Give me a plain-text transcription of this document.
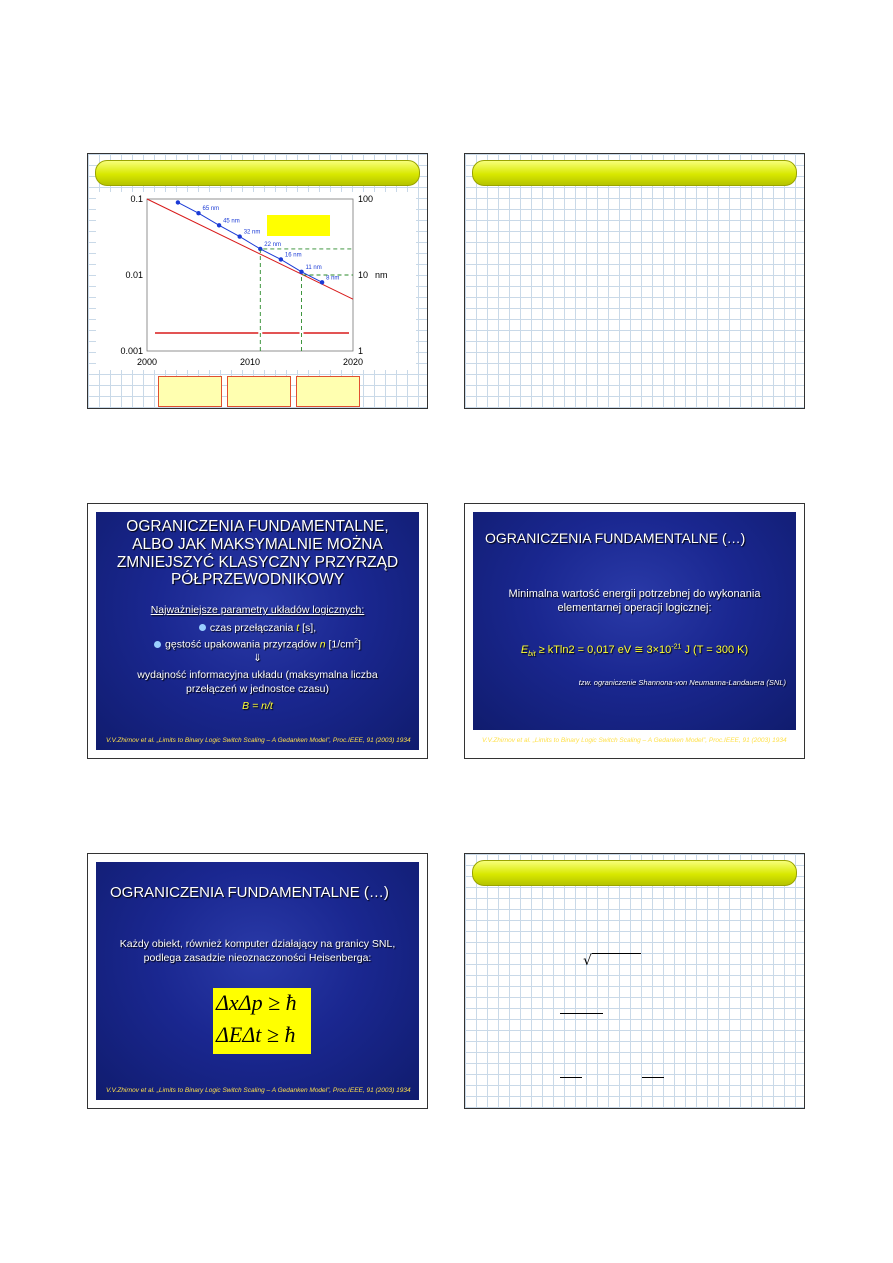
2000	2010	2020
0.1
0.01
0.001
100
10
1
nm
65 nm
45 nm
32 nm
22 nm
16 nm
11 nm
8 nm
OGRANICZENIA FUNDAMENTALNE,
ALBO JAK MAKSYMALNIE MOŻNA
ZMNIEJSZYĆ KLASYCZNY PRZYRZĄD
PÓŁPRZEWODNIKOWY
Najważniejsze parametry układów logicznych:
czas przełączania t [s],
gęstość upakowania przyrządów n $[1/cm^2]$
⇓
wydajność informacyjna układu (maksymalna liczba
przełączeń w jednostce czasu)
B = n/t
V.V.Zhirnov et al. „Limits to Binary Logic Switch Scaling – A Gedanken Model”, Proc.IEEE, 91 (2003) 1934
OGRANICZENIA FUNDAMENTALNE (…)
Minimalna wartość energii potrzebnej do wykonania
elementarnej operacji logicznej:
$E_{bit} \ge kTln2 = 0,017$ eV ≅ $3\times 10^{-21}$ J (T = 300 K)
tzw. ograniczenie Shannona-von Neumanna-Landauera (SNL)
V.V.Zhirnov et al. „Limits to Binary Logic Switch Scaling – A Gedanken Model”, Proc.IEEE, 91 (2003) 1934
OGRANICZENIA FUNDAMENTALNE (…)
Każdy obiekt, również komputer działający na granicy SNL,
podlega zasadzie nieoznaczoności Heisenberga:
ΔxΔp ≥ ħ
ΔEΔt ≥ ħ
V.V.Zhirnov et al. „Limits to Binary Logic Switch Scaling – A Gedanken Model”, Proc.IEEE, 91 (2003) 1934
√
